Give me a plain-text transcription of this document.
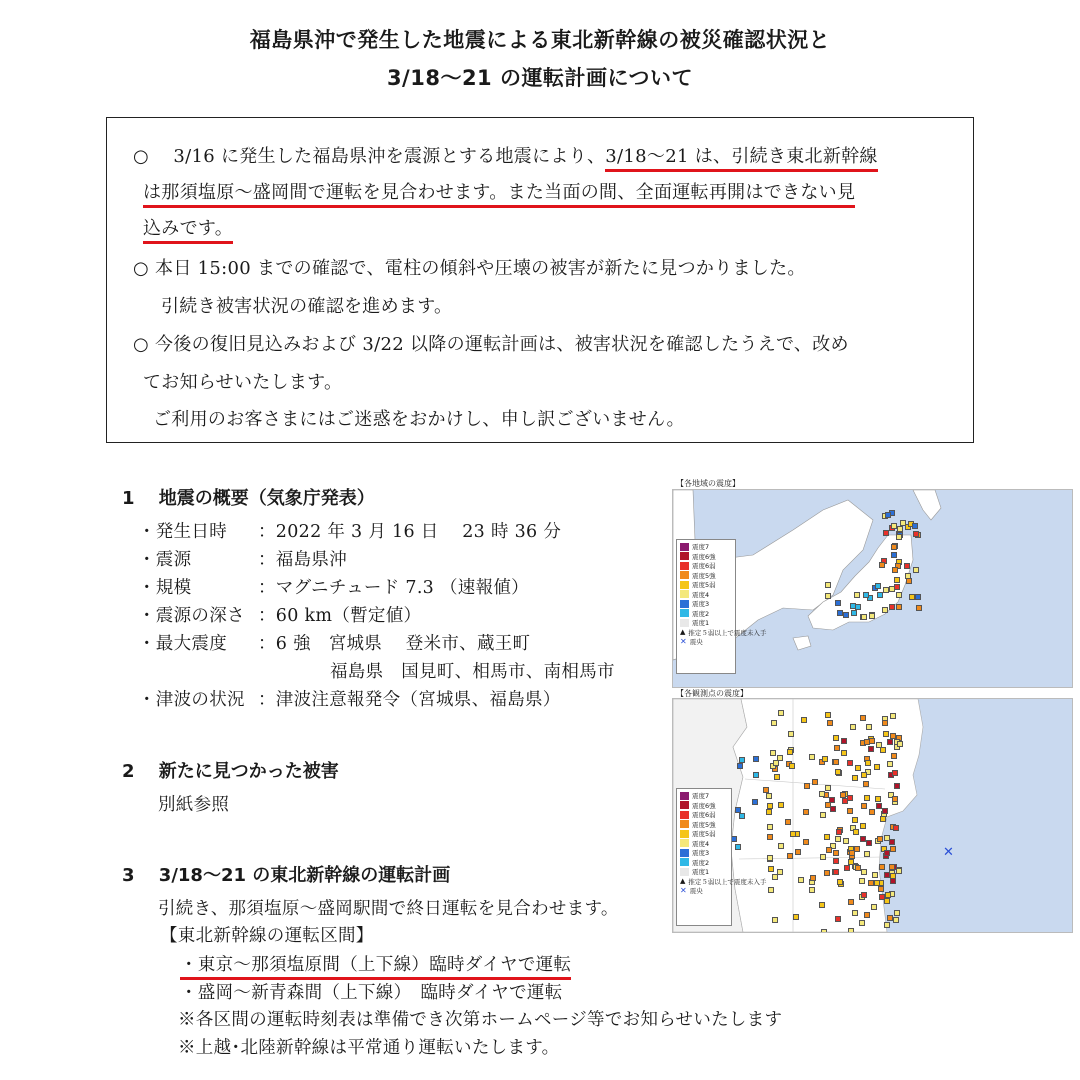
福島県沖で発生した地震による東北新幹線の被災確認状況と
3/18〜21 の運転計画について
○　 3/16 に発生した福島県沖を震源とする地震により、3/18〜21 は、引続き東北新幹線
は那須塩原〜盛岡間で運転を見合わせます。また当面の間、全面運転再開はできない見
込みです。
○ 本日 15:00 までの確認で、電柱の傾斜や圧壊の被害が新たに見つかりました。
引続き被害状況の確認を進めます。
○ 今後の復旧見込みおよび 3/22 以降の運転計画は、被害状況を確認したうえで、改め
てお知らせいたします。
ご利用のお客さまにはご迷惑をおかけし、申し訳ございません。
1　 地震の概要（気象庁発表）
・発生日時 ：2022 年 3 月 16 日　 23 時 36 分
・震源	：福島県沖
・規模	：マグニチュード 7.3 （速報値）
・震源の深さ ：60 km（暫定値）
・最大震度 ：6 強　宮城県　 登米市、蔵王町
福島県　国見町、相馬市、南相馬市
・津波の状況 ：津波注意報発令（宮城県、福島県）
2　 新たに見つかった被害
別紙参照
3　 3/18〜21 の東北新幹線の運転計画
引続き、那須塩原〜盛岡駅間で終日運転を見合わせます。
【東北新幹線の運転区間】
・東京〜那須塩原間（上下線）臨時ダイヤで運転
・盛岡〜新青森間（上下線）　臨時ダイヤで運転
※各区間の運転時刻表は準備でき次第ホームページ等でお知らせいたします
※上越･北陸新幹線は平常通り運転いたします。
【各地域の震度】
震度7
震度6強
震度6弱
震度5強
震度5弱
震度4
震度3
震度2
震度1
▲ 推定５弱以上で震度未入手
✕ 震央
【各観測点の震度】
✕
震度7
震度6強
震度6弱
震度5強
震度5弱
震度4
震度3
震度2
震度1
▲ 推定５弱以上で震度未入手
✕ 震央
